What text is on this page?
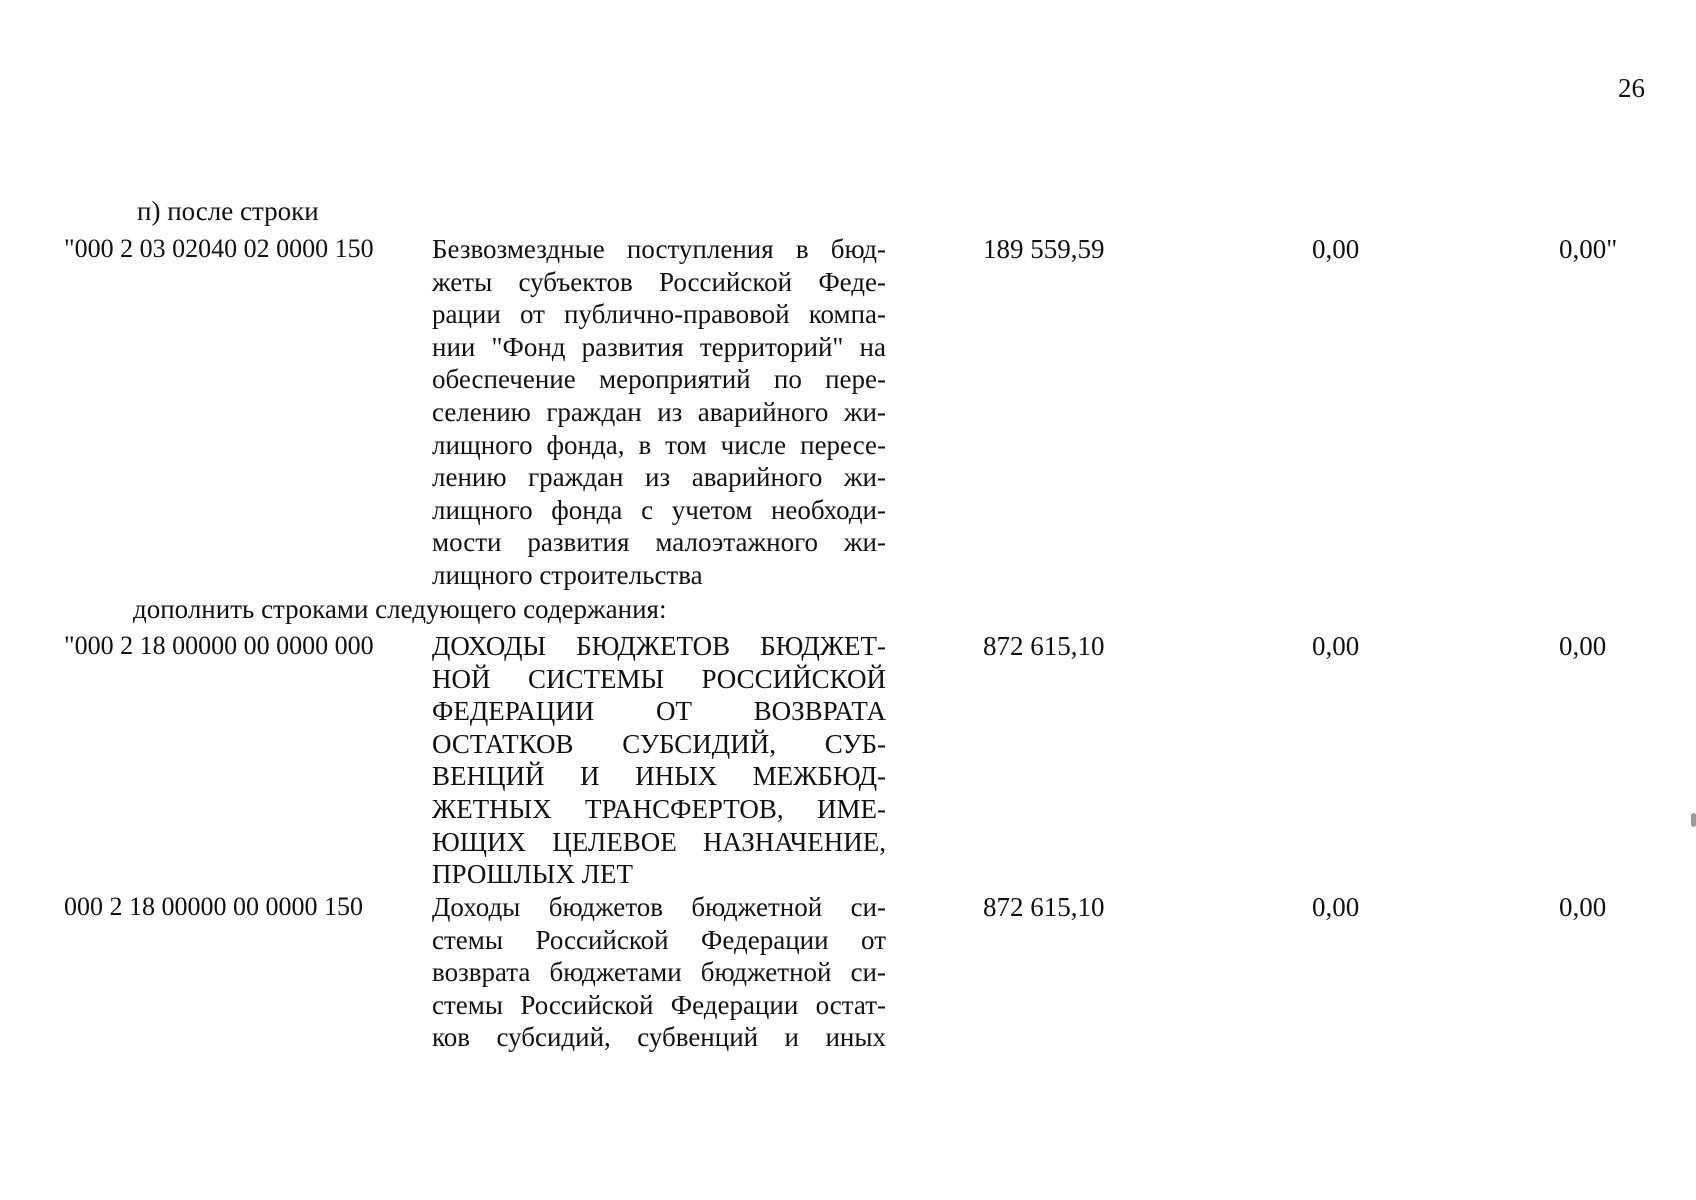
26
п) после строки
"000 2 03 02040 02 0000 150 Безвозмездные поступления в бюд-
жеты субъектов Российской Феде-
рации от публично-правовой компа-
нии "Фонд развития территорий" на
обеспечение мероприятий по пере-
селению граждан из аварийного жи-
лищного фонда, в том числе пересе-
лению граждан из аварийного жи-
лищного фонда с учетом необходи-
мости развития малоэтажного жи-
лищного строительства
189 559,59	0,00	0,00"
дополнить строками следующего содержания:
"000 2 18 00000 00 0000 000 ДОХОДЫ БЮДЖЕТОВ БЮДЖЕТ-
НОЙ СИСТЕМЫ РОССИЙСКОЙ
ФЕДЕРАЦИИ ОТ ВОЗВРАТА
ОСТАТКОВ СУБСИДИЙ, СУБ-
ВЕНЦИЙ И ИНЫХ МЕЖБЮД-
ЖЕТНЫХ ТРАНСФЕРТОВ, ИМЕ-
ЮЩИХ ЦЕЛЕВОЕ НАЗНАЧЕНИЕ,
ПРОШЛЫХ ЛЕТ
872 615,10	0,00	0,00
000 2 18 00000 00 0000 150	Доходы бюджетов бюджетной си-
стемы Российской Федерации от
возврата бюджетами бюджетной си-
стемы Российской Федерации остат-
ков субсидий, субвенций и иных
872 615,10	0,00	0,00
